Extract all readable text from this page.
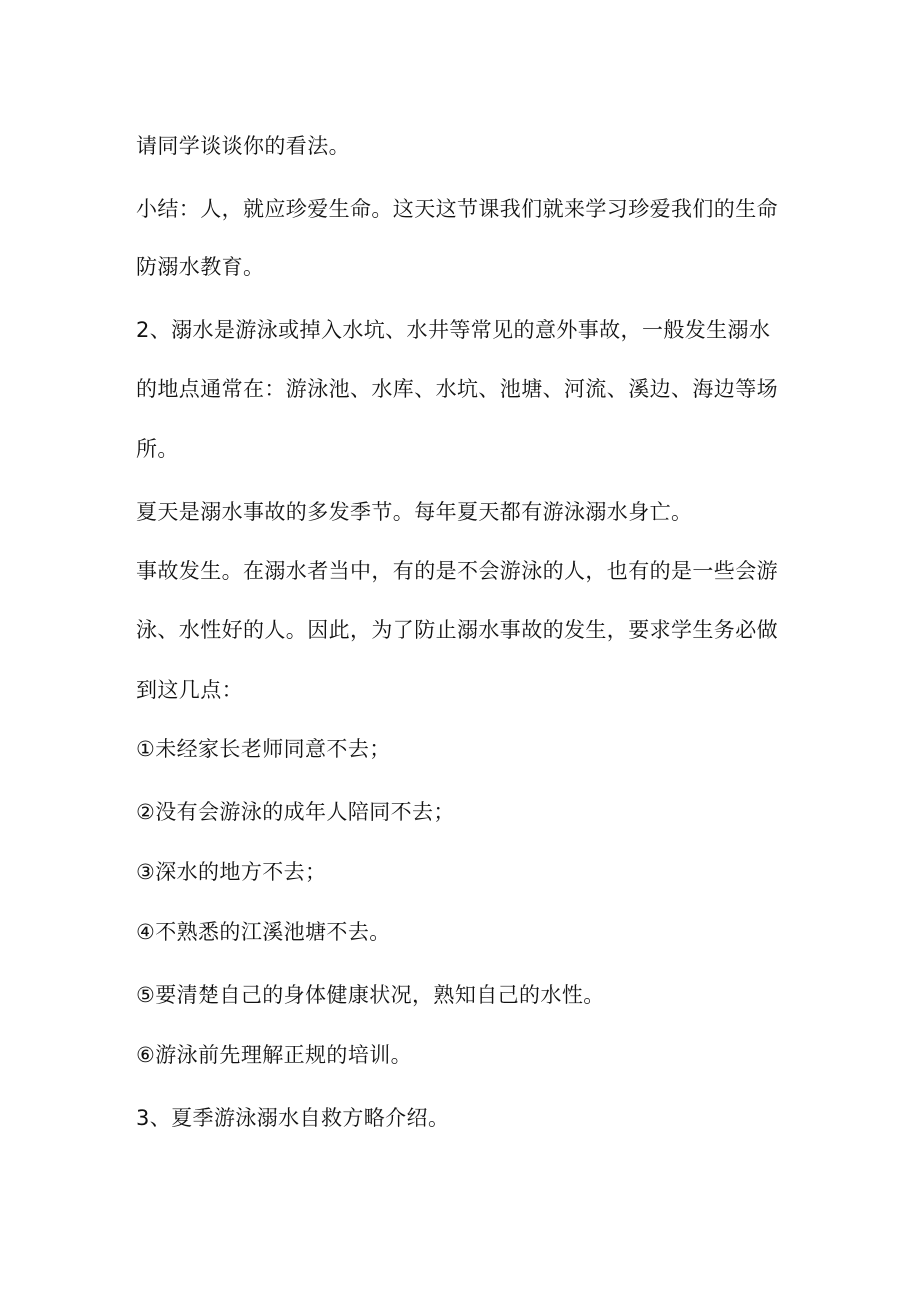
请同学谈谈你的看法。
小结：人，就应珍爱生命。这天这节课我们就来学习珍爱我们的生命
防溺水教育。
2、溺水是游泳或掉入水坑、水井等常见的意外事故，一般发生溺水
的地点通常在：游泳池、水库、水坑、池塘、河流、溪边、海边等场
所。
夏天是溺水事故的多发季节。每年夏天都有游泳溺水身亡。
事故发生。在溺水者当中，有的是不会游泳的人，也有的是一些会游
泳、水性好的人。因此，为了防止溺水事故的发生，要求学生务必做
到这几点：
①未经家长老师同意不去；
②没有会游泳的成年人陪同不去；
③深水的地方不去；
④不熟悉的江溪池塘不去。
⑤要清楚自己的身体健康状况，熟知自己的水性。
⑥游泳前先理解正规的培训。
3、夏季游泳溺水自救方略介绍。
